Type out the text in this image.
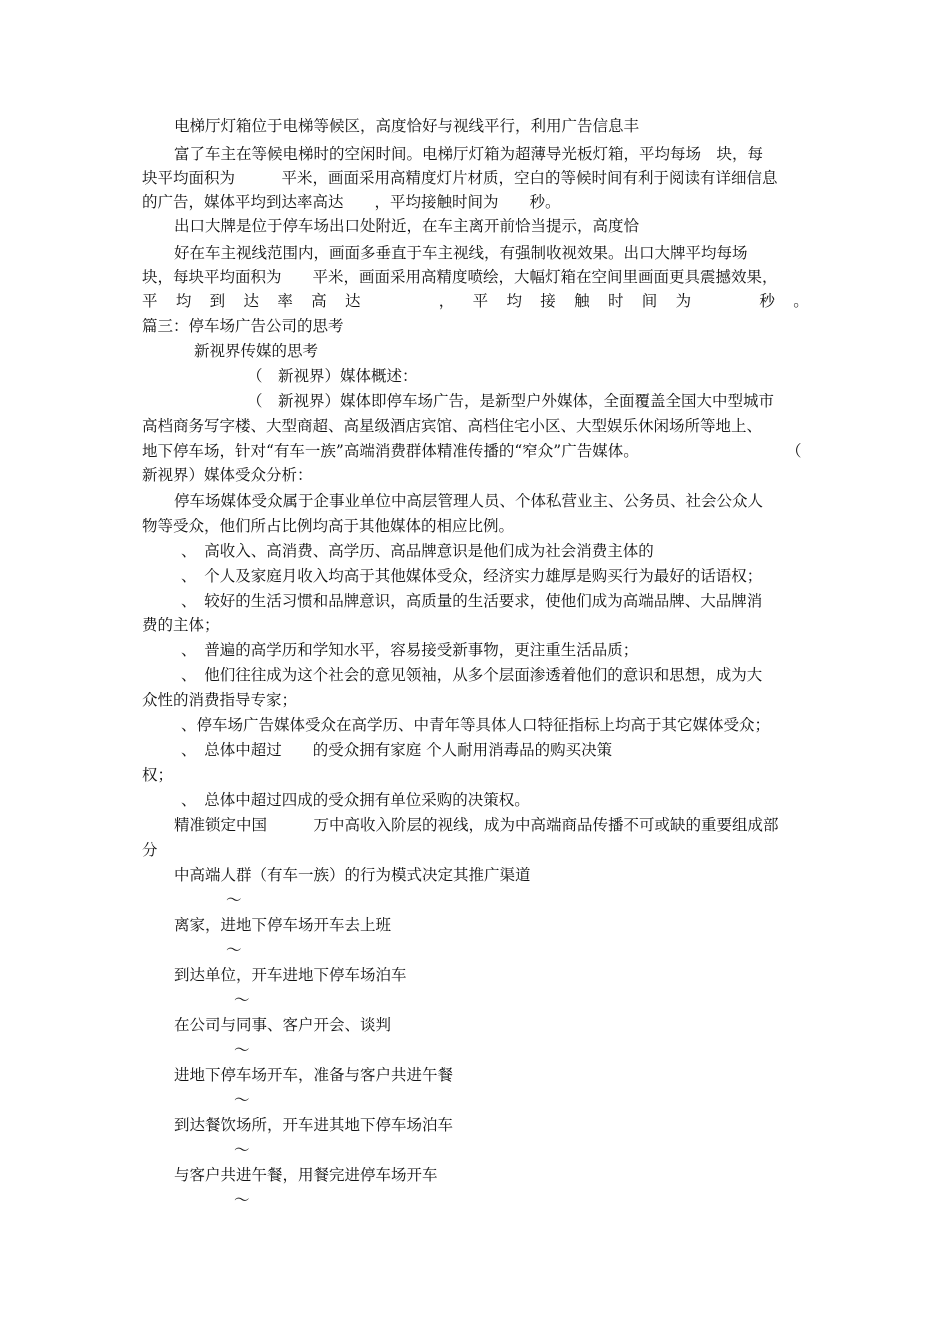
电梯厅灯箱位于电梯等候区，高度恰好与视线平行，利用广告信息丰
富了车主在等候电梯时的空闲时间。电梯厅灯箱为超薄导光板灯箱，平均每场　块，每
块平均面积为　　　平米，画面采用高精度灯片材质，空白的等候时间有利于阅读有详细信息
的广告，媒体平均到达率高达　　，平均接触时间为　　秒。
出口大牌是位于停车场出口处附近，在车主离开前恰当提示，高度恰
好在车主视线范围内，画面多垂直于车主视线，有强制收视效果。出口大牌平均每场
块，每块平均面积为　　平米，画面采用高精度喷绘，大幅灯箱在空间里画面更具震撼效果，
平 均 到 达 率 高 达	， 平 均 接 触 时 间 为	秒 。
篇三：停车场广告公司的思考
新视界传媒的思考
（　新视界）媒体概述：
（　新视界）媒体即停车场广告，是新型户外媒体，全面覆盖全国大中型城市
高档商务写字楼、大型商超、高星级酒店宾馆、高档住宅小区、大型娱乐休闲场所等地上、
地下停车场，针对“有车一族”高端消费群体精准传播的“窄众”广告媒体。	（
新视界）媒体受众分析：
停车场媒体受众属于企事业单位中高层管理人员、个体私营业主、公务员、社会公众人
物等受众，他们所占比例均高于其他媒体的相应比例。
、　高收入、高消费、高学历、高品牌意识是他们成为社会消费主体的
、　个人及家庭月收入均高于其他媒体受众，经济实力雄厚是购买行为最好的话语权；
、　较好的生活习惯和品牌意识，高质量的生活要求，使他们成为高端品牌、大品牌消
费的主体；
、　普遍的高学历和学知水平，容易接受新事物，更注重生活品质；
、　他们往往成为这个社会的意见领袖，从多个层面渗透着他们的意识和思想，成为大
众性的消费指导专家；
、停车场广告媒体受众在高学历、中青年等具体人口特征指标上均高于其它媒体受众；
、　总体中超过　　的受众拥有家庭 个人耐用消毒品的购买决策
权；
、　总体中超过四成的受众拥有单位采购的决策权。
精准锁定中国　　　万中高收入阶层的视线，成为中高端商品传播不可或缺的重要组成部
分
中高端人群（有车一族）的行为模式决定其推广渠道
～
离家，进地下停车场开车去上班
～
到达单位，开车进地下停车场泊车
～
在公司与同事、客户开会、谈判
～
进地下停车场开车，准备与客户共进午餐
～
到达餐饮场所，开车进其地下停车场泊车
～
与客户共进午餐，用餐完进停车场开车
～
